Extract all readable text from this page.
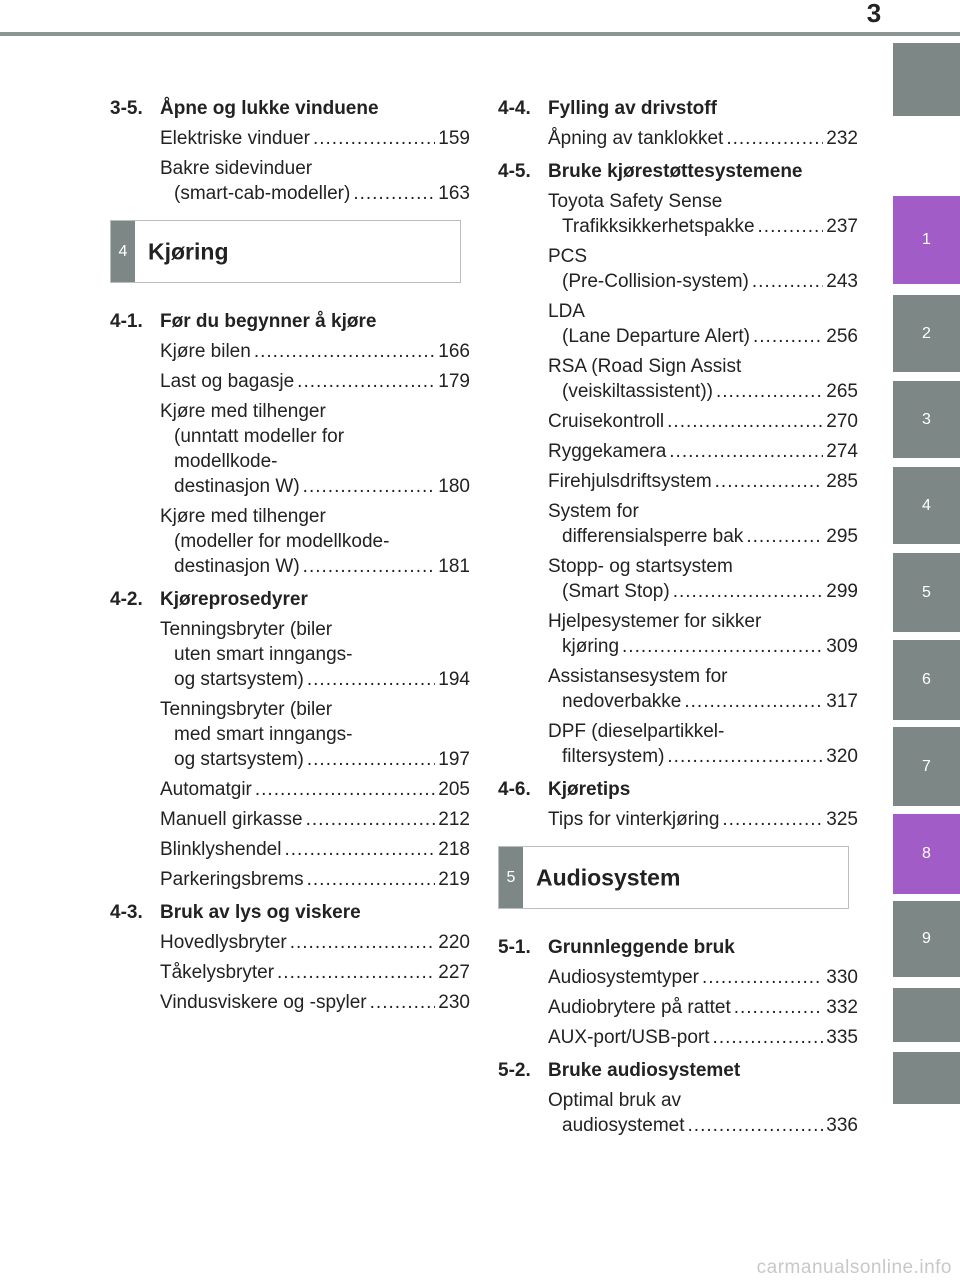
3
1
2
3
4
5
6
7
8
9
3-5. Åpne og lukke vinduene
Elektriske vinduer .....	159
Bakre sidevinduer
(smart-cab-modeller) .....	163
4 Kjøring
4-1. Før du begynner å kjøre
Kjøre bilen .....	166
Last og bagasje .....	179
Kjøre med tilhenger
(unntatt modeller for
modellkode-
destinasjon W) .....	180
Kjøre med tilhenger
(modeller for modellkode-
destinasjon W) .....	181
4-2. Kjøreprosedyrer
Tenningsbryter (biler
uten smart inngangs-
og startsystem) .....	194
Tenningsbryter (biler
med smart inngangs-
og startsystem) .....	197
Automatgir .....	205
Manuell girkasse .....	212
Blinklyshendel .....	218
Parkeringsbrems .....	219
4-3. Bruk av lys og viskere
Hovedlysbryter .....	220
Tåkelysbryter .....	227
Vindusviskere og -spyler .....	230
4-4. Fylling av drivstoff
Åpning av tanklokket .....	232
4-5. Bruke kjørestøttesystemene
Toyota Safety Sense
Trafikksikkerhetspakke .....	237
PCS
(Pre-Collision-system) .....	243
LDA
(Lane Departure Alert) .....	256
RSA (Road Sign Assist
(veiskiltassistent)) .....	265
Cruisekontroll .....	270
Ryggekamera .....	274
Firehjulsdriftsystem .....	285
System for
differensialsperre bak .....	295
Stopp- og startsystem
(Smart Stop) .....	299
Hjelpesystemer for sikker
kjøring .....	309
Assistansesystem for
nedoverbakke .....	317
DPF (dieselpartikkel-
filtersystem) .....	320
4-6. Kjøretips
Tips for vinterkjøring .....	325
5 Audiosystem
5-1. Grunnleggende bruk
Audiosystemtyper .....	330
Audiobrytere på rattet .....	332
AUX-port/USB-port .....	335
5-2. Bruke audiosystemet
Optimal bruk av
audiosystemet .....	336
carmanualsonline.info
